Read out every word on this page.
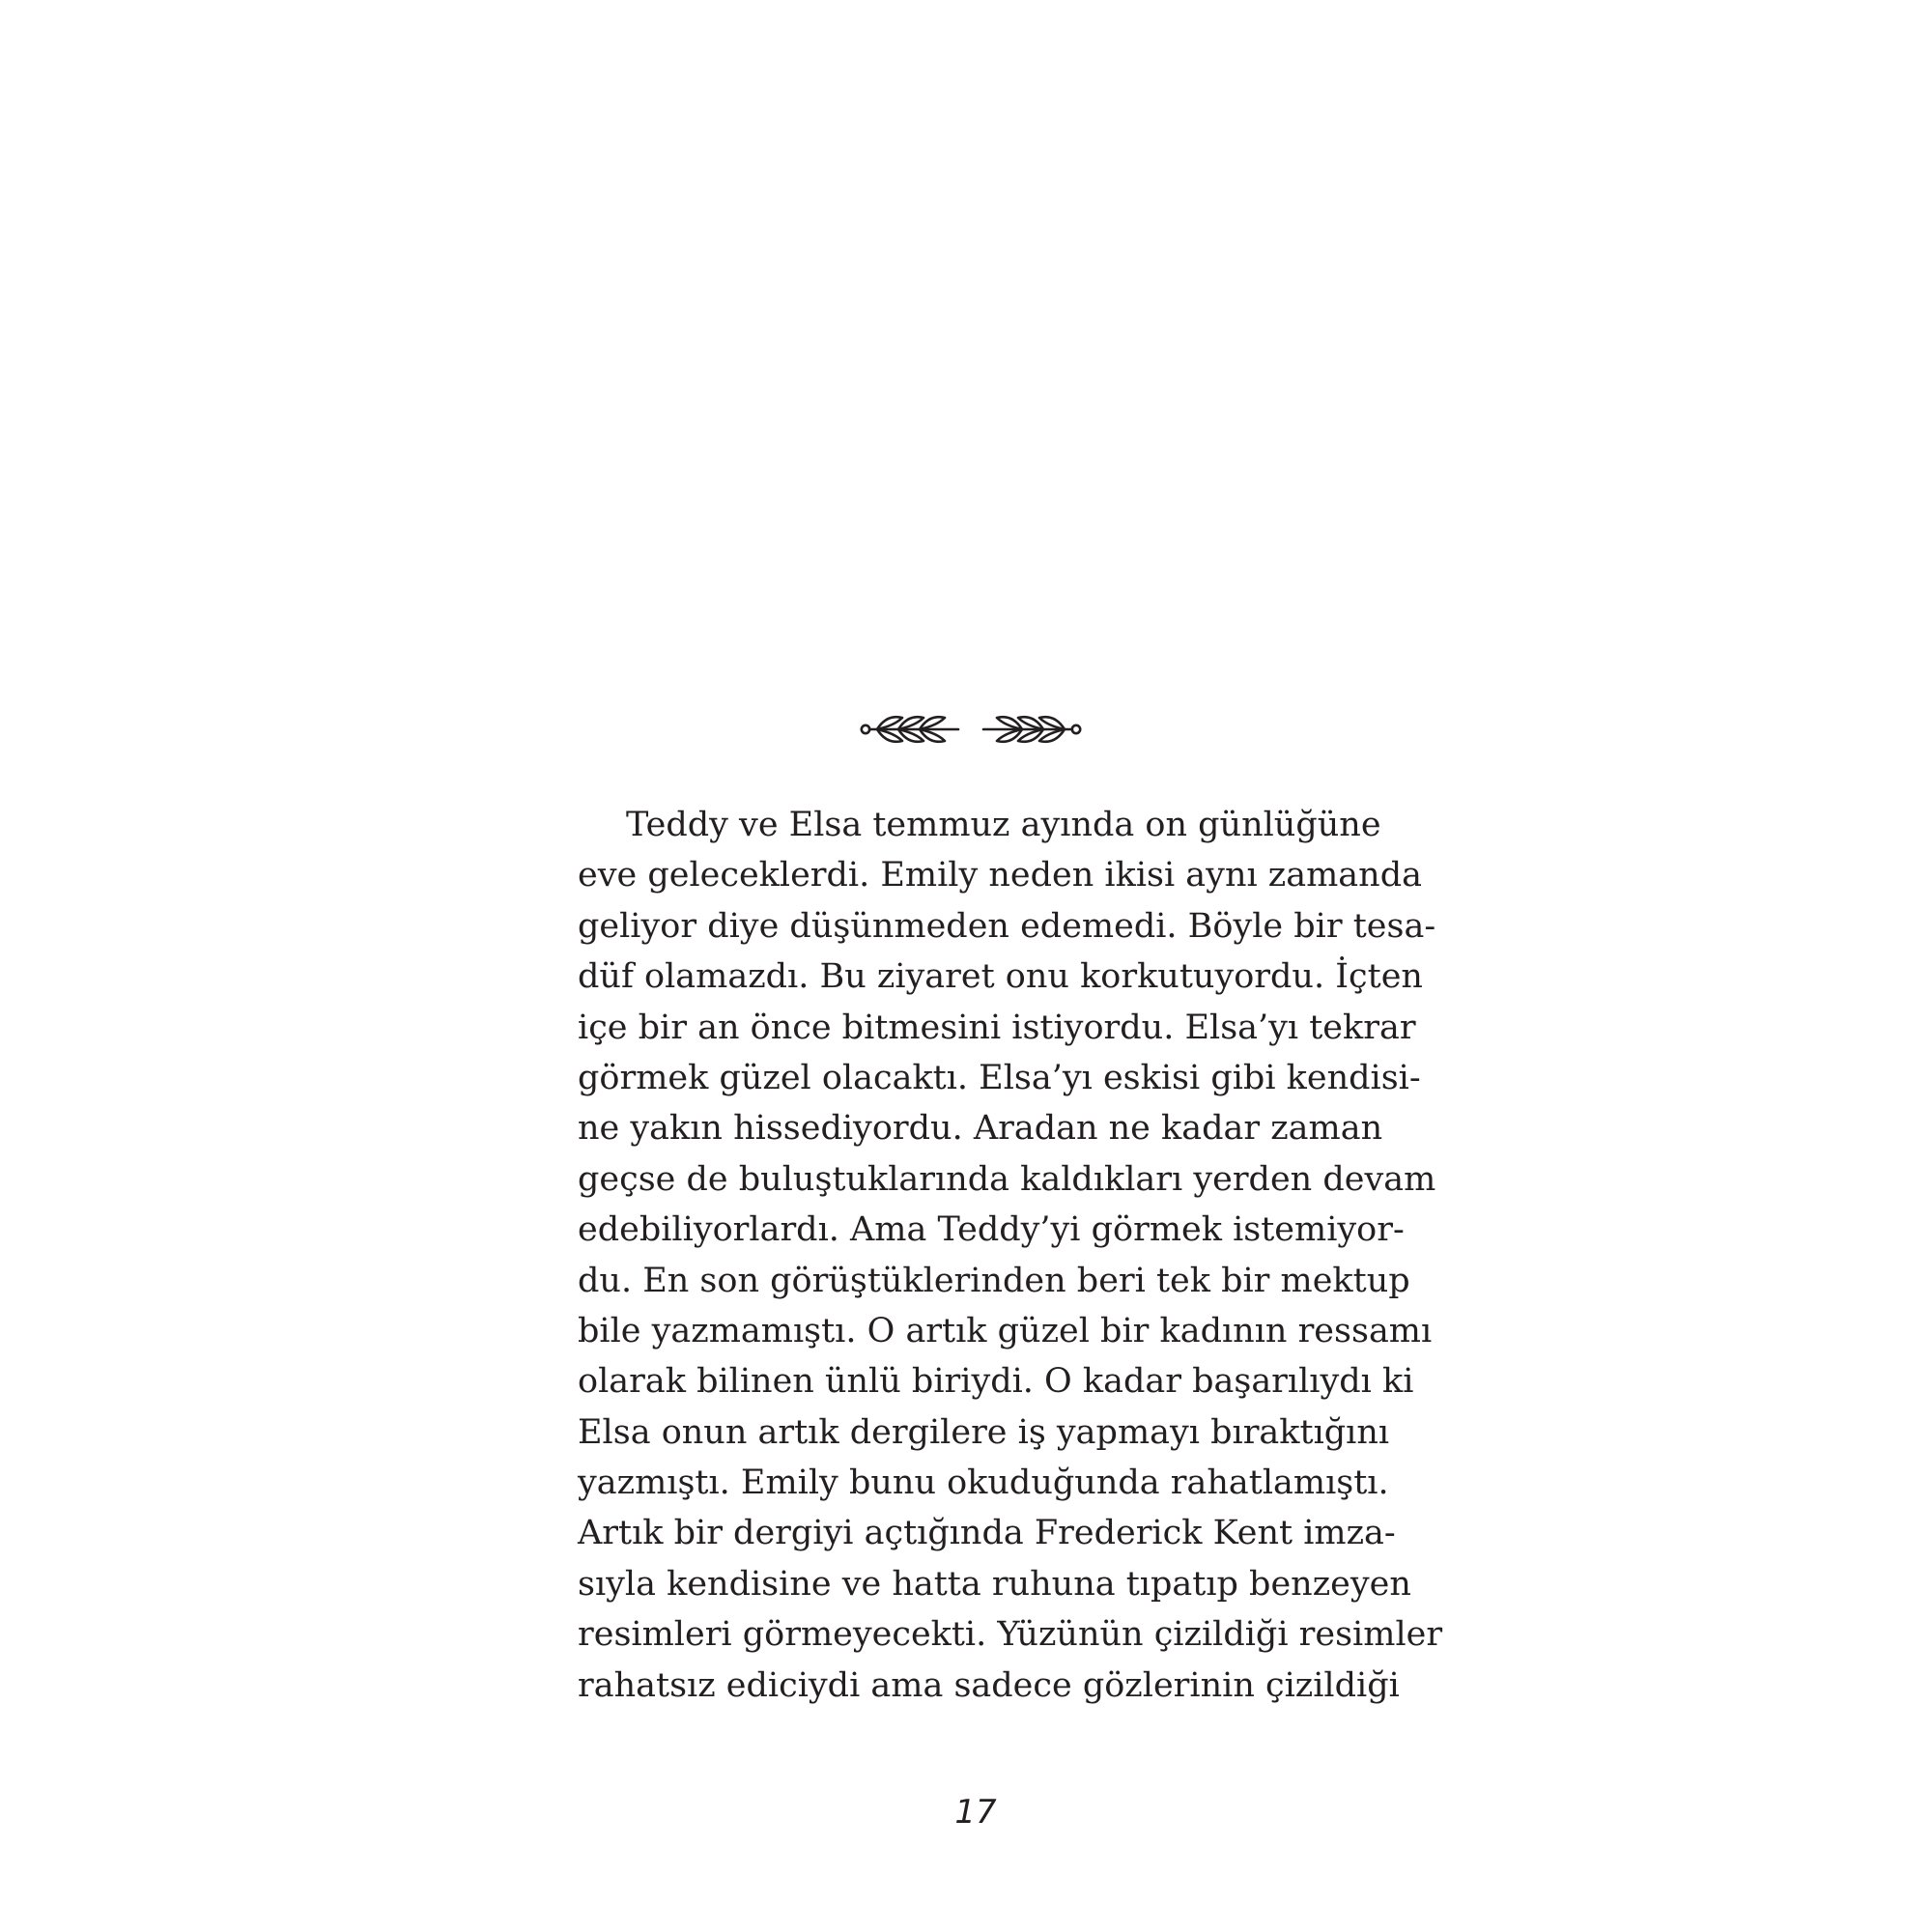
Teddy ve Elsa temmuz ayında on günlüğüne
eve geleceklerdi. Emily neden ikisi aynı zamanda
geliyor diye düşünmeden edemedi. Böyle bir tesa-
düf olamazdı. Bu ziyaret onu korkutuyordu. İçten
içe bir an önce bitmesini istiyordu. Elsa’yı tekrar
görmek güzel olacaktı. Elsa’yı eskisi gibi kendisi-
ne yakın hissediyordu. Aradan ne kadar zaman
geçse de buluştuklarında kaldıkları yerden devam
edebiliyorlardı. Ama Teddy’yi görmek istemiyor-
du. En son görüştüklerinden beri tek bir mektup
bile yazmamıştı. O artık güzel bir kadının ressamı
olarak bilinen ünlü biriydi. O kadar başarılıydı ki
Elsa onun artık dergilere iş yapmayı bıraktığını
yazmıştı. Emily bunu okuduğunda rahatlamıştı.
Artık bir dergiyi açtığında Frederick Kent imza-
sıyla kendisine ve hatta ruhuna tıpatıp benzeyen
resimleri görmeyecekti. Yüzünün çizildiği resimler
rahatsız ediciydi ama sadece gözlerinin çizildiği
17
